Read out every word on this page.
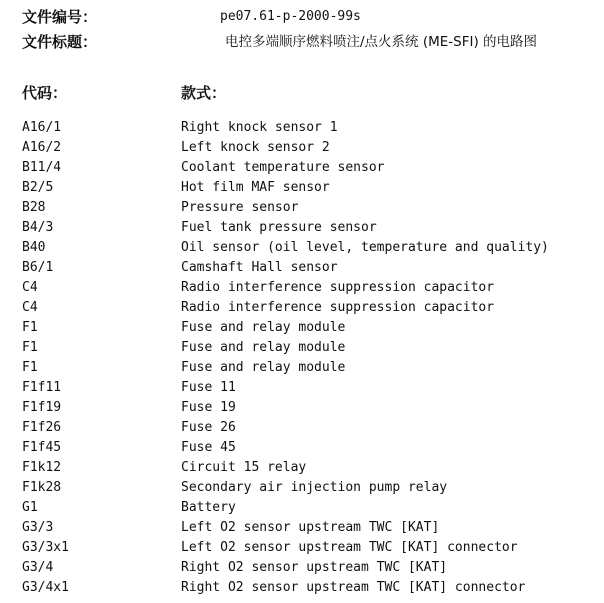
文件编号：	pe07.61-p-2000-99s
文件标题：	电控多端顺序燃料喷注/点火系统 (ME-SFI) 的电路图
代码：	款式：
A16/1	Right knock sensor 1
A16/2	Left knock sensor 2
B11/4	Coolant temperature sensor
B2/5	Hot film MAF sensor
B28	Pressure sensor
B4/3	Fuel tank pressure sensor
B40	Oil sensor (oil level, temperature and quality)
B6/1	Camshaft Hall sensor
C4	Radio interference suppression capacitor
C4	Radio interference suppression capacitor
F1	Fuse and relay module
F1	Fuse and relay module
F1	Fuse and relay module
F1f11	Fuse 11
F1f19	Fuse 19
F1f26	Fuse 26
F1f45	Fuse 45
F1k12	Circuit 15 relay
F1k28	Secondary air injection pump relay
G1	Battery
G3/3	Left O2 sensor upstream TWC [KAT]
G3/3x1	Left O2 sensor upstream TWC [KAT] connector
G3/4	Right O2 sensor upstream TWC [KAT]
G3/4x1	Right O2 sensor upstream TWC [KAT] connector
